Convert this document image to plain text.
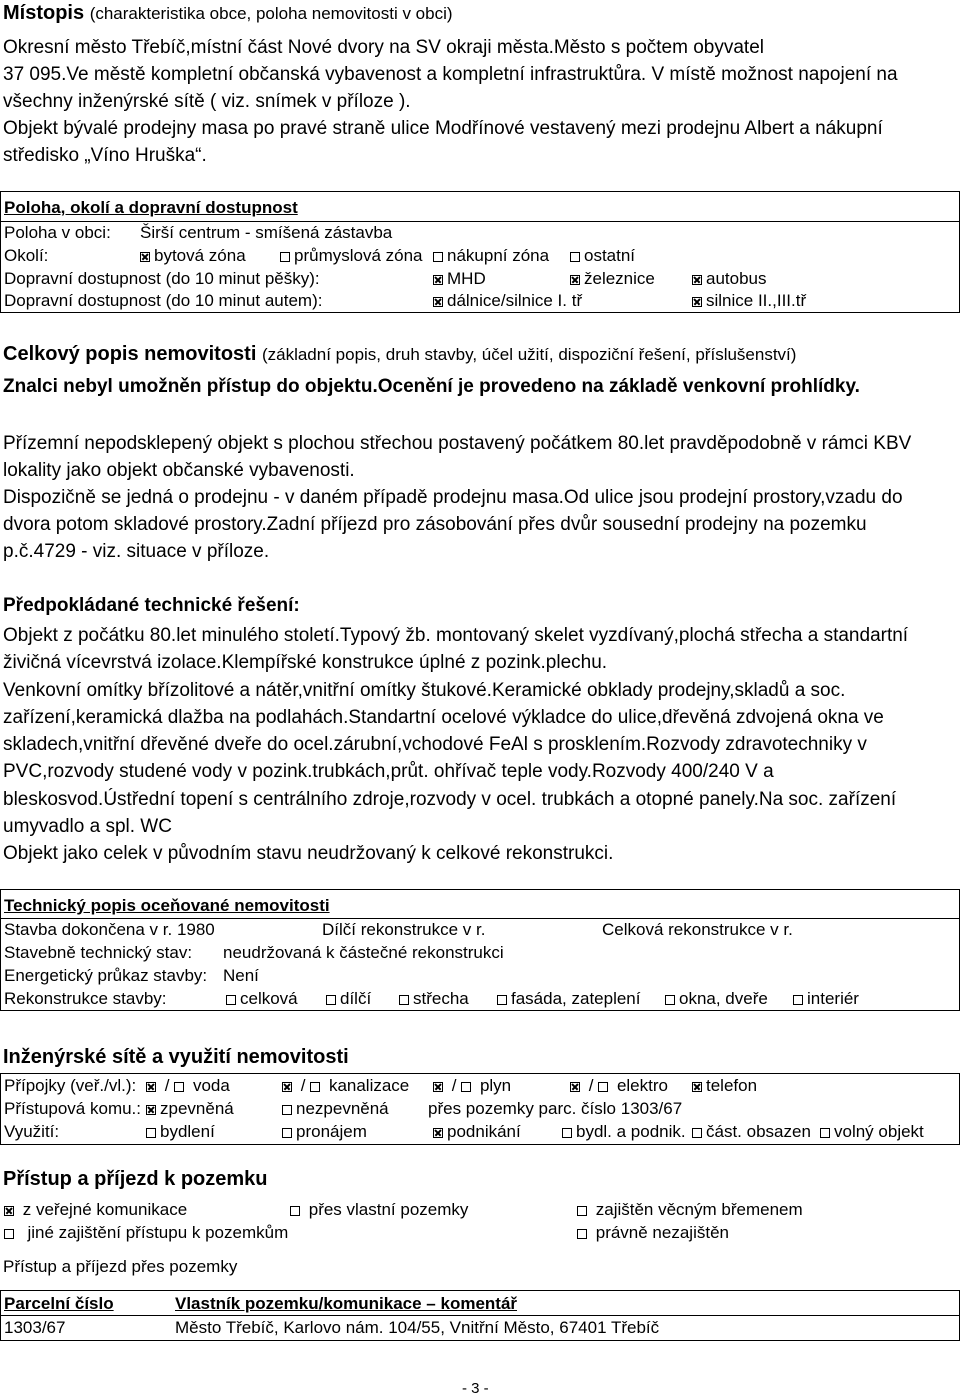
Místopis (charakteristika obce, poloha nemovitosti v obci)
Okresní město Třebíč,místní část Nové dvory na SV okraji města.Město s počtem obyvatel
37 095.Ve městě kompletní občanská vybavenost a kompletní infrastruktůra. V místě možnost napojení na
všechny inženýrské sítě ( viz. snímek v příloze ).
Objekt bývalé prodejny masa po pravé straně ulice Modřínové vestavený mezi prodejnu Albert a nákupní
středisko „Víno Hruška“.
Poloha, okolí a dopravní dostupnost
Poloha v obci: Širší centrum - smíšená zástavba
Okolí:	bytová zóna	průmyslová zóna	nákupní zóna	ostatní
Dopravní dostupnost (do 10 minut pěšky):	MHD	železnice	autobus
Dopravní dostupnost (do 10 minut autem):	dálnice/silnice I. tř	silnice II.,III.tř
Celkový popis nemovitosti (základní popis, druh stavby, účel užití, dispoziční řešení, příslušenství)
Znalci nebyl umožněn přístup do objektu.Ocenění je provedeno na základě venkovní prohlídky.
Přízemní nepodsklepený objekt s plochou střechou postavený počátkem 80.let pravděpodobně v rámci KBV
lokality jako objekt občanské vybavenosti.
Dispozičně se jedná o prodejnu - v daném případě prodejnu masa.Od ulice jsou prodejní prostory,vzadu do
dvora potom skladové prostory.Zadní příjezd pro zásobování přes dvůr sousední prodejny na pozemku
p.č.4729 - viz. situace v příloze.
Předpokládané technické řešení:
Objekt z počátku 80.let minulého století.Typový žb. montovaný skelet vyzdívaný,plochá střecha a standartní
živičná vícevrstvá izolace.Klempířské konstrukce úplné z pozink.plechu.
Venkovní omítky břízolitové a nátěr,vnitřní omítky štukové.Keramické obklady prodejny,skladů a soc.
zařízení,keramická dlažba na podlahách.Standartní ocelové výkladce do ulice,dřevěná zdvojená okna ve
skladech,vnitřní dřevěné dveře do ocel.zárubní,vchodové FeAl s prosklením.Rozvody zdravotechniky v
PVC,rozvody studené vody v pozink.trubkách,průt. ohřívač teple vody.Rozvody 400/240 V a
bleskosvod.Ústřední topení s centrálního zdroje,rozvody v ocel. trubkách a otopné panely.Na soc. zařízení
umyvadlo a spl. WC
Objekt jako celek v původním stavu neudržovaný k celkové rekonstrukci.
Technický popis oceňované nemovitosti
Stavba dokončena v r. 1980	Dílčí rekonstrukce v r.	Celková rekonstrukce v r.
Stavebně technický stav: neudržovaná k částečné rekonstrukci
Energetický průkaz stavby: Není
Rekonstrukce stavby:	celková	dílčí	střecha	fasáda, zateplení	okna, dveře	interiér
Inženýrské sítě a využití nemovitosti
Přípojky (veř./vl.):	/ voda	/ kanalizace	/ plyn	/ elektro	telefon
Přístupová komu.:	zpevněná	nezpevněná přes pozemky parc. číslo 1303/67
Využití:	bydlení	pronájem	podnikání	bydl. a podnik.	část. obsazen	volný objekt
Přístup a příjezd k pozemku
z veřejné komunikace	přes vlastní pozemky	zajištěn věcným břemenem
jiné zajištění přístupu k pozemkům	právně nezajištěn
Přístup a příjezd přes pozemky
Parcelní číslo	Vlastník pozemku/komunikace – komentář
1303/67	Město Třebíč, Karlovo nám. 104/55, Vnitřní Město, 67401 Třebíč
- 3 -
